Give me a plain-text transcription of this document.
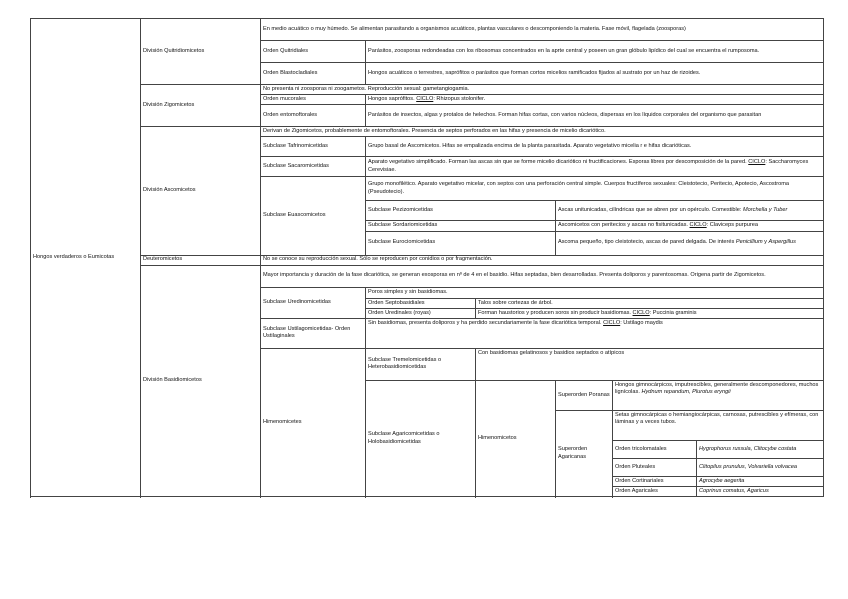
Hongos verdaderos o Eumicotas	División Quitridiomicetos	En medio acuático o muy húmedo. Se alimentan parasitando a organismos acuáticos, plantas vasculares o descomponiendo la materia. Fase móvil, flagelada (zoosporas)					
		Orden Quitridiales	Parásitos, zoosporas redondeadas con los ribosomas concentrados en la aprte central y poseen un gran glóbulo lipídico del cual se encuentra el rumposoma.				
		Orden Blastocladiales	Hongos acuáticos o terrestres, saprófitos o parásitos que forman cortos micelios ramificados fijados al sustrato por un haz de rizoides.				
	División Zigomicetos	No presenta ni zoosporas ni zoogametos. Reproducción sexual: gametangiogamia.					
		Orden mucorales	Hongos saprófitos. CICLO: Rhizopus stolonifer.				
		Orden entomoftorales	Parásitos de insectos, algas y protalos de helechos. Forman hifas cortas, con varios núcleos, dispersas en los líquidos corporales del organismo que parasitan				
	División Ascomicetos	Derivan de Zigomicetos, probablemente de entomoftorales. Presencia de septos perforados en las hifas y presencia de micelio dicariótico.					
		Subclase Tafrinomicetidas	Grupo basal de Ascomicetos. Hifas se empalizada encima de la planta parasitada. Aparato vegetativo micelia r e hifas dicarióticas.				
		Subclase Sacaromicetidas	Aparato vegetativo simplificado. Forman las ascas sin que se forme micelio dicariótico ni fructificaciones. Esporas libres por descomposición de la pared. CICLO: Saccharomyces Cerevisiae.				
		Subclase Euascomicetos	Grupo monofilético. Aparato vegetativo micelar, con septos con una perforación central simple. Cuerpos fructíferos sexuales: Cleistotecio, Peritecio, Apotecio, Ascostroma (Pseudotecio).				
			Subclase Pezizomicetidas		Ascas unitunicadas, cilíndricas que se abren por un opérculo. Comestible: Morchella y Tuber		
			Subclase Sordariomicetidas		Ascomicetos con peritecios y ascas no fisitunicadas. CICLO: Claviceps purpurea		
			Subclase Eurociomicetidas		Ascoma pequeño, tipo cleistotecio, ascas de pared delgada. De interés Penicillium y Aspergillus		
	Deuteromicetos	No se conoce su reproducción sexual. Sólo se reproducen por conidios o por fragmentación.					
	División Basidiomicetos	Mayor importancia y duración de la fase dicariótica, se generan exosporas en nº de 4 en el basidio. Hifas septadas, bien desarrolladas. Presenta doliporos y parentosomas. Origena partir de Zigomicetos.					
		Subclase Uredinomicetidas	Poros simples y sin basidiomas.				
			Orden Septobasidiales	Talos sobre cortezas de árbol.			
			Orden Uredinales (royas)	Forman haustorios y producen soros sin producir basidiomas. CICLO: Puccinia graminis			
		Subclase Ustilagomicetidas- Orden Ustilaginales	Sin basidiomas, presenta doliporos y ha perdido secundariamente la fase dicariótica temporal. CICLO: Ustilago maydis				
		Himenomicetes	Subclase Tremelomicetidas o Heterobasidiomicetidas	Con basidiomas gelatinosos y basidios septados o atípicos			
			Subclase Agaricomicetidas o Holobasidiomicetidas	Himenomicetos	Superorden Poranas	Hongos gimnocárpicos, imputrescibles, generalmente descomponedores, muchos lignícolas. Hydnum repandum, Plurotus eryngii	

					Superorden Agaricanas	Setas gimnocárpicas o hemiangiocárpicas, carnosas, putrescibles y efímeras, con láminas y a veces tubos.	
						Orden tricolomatales	Hygrophorus russula, Clitocybe costata
						Orden Pluteales	Clitopilus prunulus, Volvariella volvacea
						Orden Cortinariales	Agrocybe aegerita
						Orden Agaricales	Coprinus comatus, Agaricus
